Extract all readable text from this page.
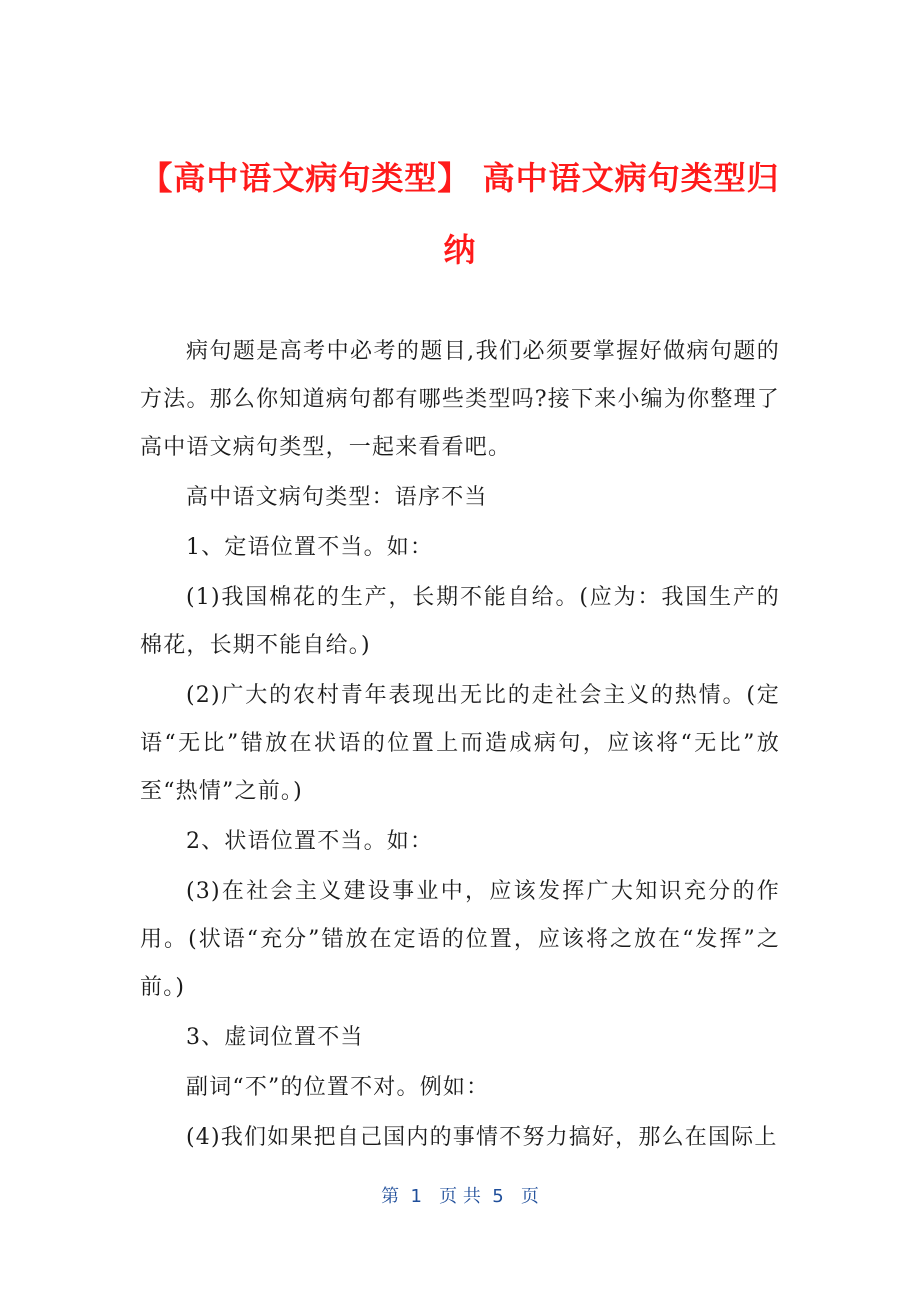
【高中语文病句类型】 高中语文病句类型归纳

病句题是高考中必考的题目,我们必须要掌握好做病句题的方法。那么你知道病句都有哪些类型吗?接下来小编为你整理了高中语文病句类型，一起来看看吧。

高中语文病句类型：语序不当

1、定语位置不当。如：

(1)我国棉花的生产，长期不能自给。(应为：我国生产的棉花，长期不能自给。)

(2)广大的农村青年表现出无比的走社会主义的热情。(定语“无比”错放在状语的位置上而造成病句，应该将“无比”放至“热情”之前。)

2、状语位置不当。如：

(3)在社会主义建设事业中，应该发挥广大知识充分的作用。(状语“充分”错放在定语的位置，应该将之放在“发挥”之前。)

3、虚词位置不当

副词“不”的位置不对。例如：

(4)我们如果把自己国内的事情不努力搞好，那么在国际上

第  1   页 共  5   页
